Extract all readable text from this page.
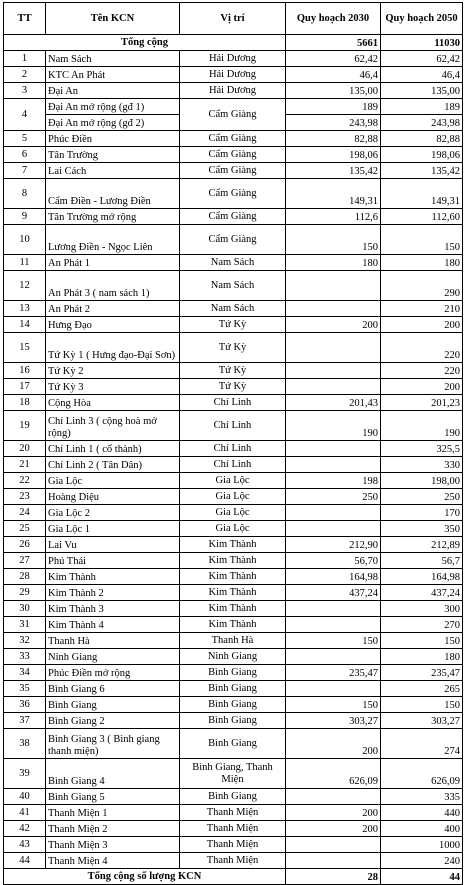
TT	Tên KCN	Vị trí	Quy hoạch 2030	Quy hoạch 2050
Tổng cộng			5661	11030
1	Nam Sách	Hải Dương	62,42	62,42
2	KTC An Phát	Hải Dương	46,4	46,4
3	Đại An	Hải Dương	135,00	135,00
4	Đại An mở rộng (gđ 1)	Cẩm Giàng	189	189
	Đại An mở rộng (gđ 2)		243,98	243,98
5	Phúc Điền	Cẩm Giàng	82,88	82,88
6	Tân Trường	Cẩm Giàng	198,06	198,06
7	Lai Cách	Cẩm Giàng	135,42	135,42
8	Cẩm Điền - Lương Điền	Cẩm Giàng	149,31	149,31
9	Tân Trường mở rộng	Cẩm Giàng	112,6	112,60
10	Lương Điền - Ngọc Liên	Cẩm Giàng	150	150
11	An Phát 1	Nam Sách	180	180
12	An Phát 3 ( nam sách 1)	Nam Sách		290
13	An Phát 2	Nam Sách		210
14	Hưng Đạo	Tứ Kỳ	200	200
15	Tứ Kỳ 1 ( Hưng đạo-Đại Sơn)	Tứ Kỳ		220
16	Tứ Kỳ 2	Tứ Kỳ		220
17	Tứ Kỳ 3	Tứ Kỳ		200
18	Cộng Hòa	Chí Linh	201,43	201,23
19	Chí Linh 3 ( cộng hoà mở rộng)	Chí Linh	190	190
20	Chí Linh 1 ( cổ thành)	Chí Linh		325,5
21	Chí Linh 2 ( Tân Dân)	Chí Linh		330
22	Gia Lộc	Gia Lộc	198	198,00
23	Hoàng Diệu	Gia Lộc	250	250
24	Gia Lộc 2	Gia Lộc		170
25	Gia Lộc 1	Gia Lộc		350
26	Lai Vu	Kim Thành	212,90	212,89
27	Phú Thái	Kim Thành	56,70	56,7
28	Kim Thành	Kim Thành	164,98	164,98
29	Kim Thành 2	Kim Thành	437,24	437,24
30	Kim Thành 3	Kim Thành		300
31	Kim Thành 4	Kim Thành		270
32	Thanh Hà	Thanh Hà	150	150
33	Ninh Giang	Ninh Giang		180
34	Phúc Điền mở rộng	Bình Giang	235,47	235,47
35	Bình Giang 6	Bình Giang		265
36	Bình Giang	Bình Giang	150	150
37	Bình Giang 2	Bình Giang	303,27	303,27
38	Bình Giang 3 ( Bình giang thanh miện)	Bình Giang	200	274
39	Bình Giang 4	Bình Giang, Thanh Miện	626,09	626,09
40	Bình Giang 5	Bình Giang		335
41	Thanh Miện 1	Thanh Miện	200	440
42	Thanh Miện 2	Thanh Miện	200	400
43	Thanh Miện 3	Thanh Miện		1000
44	Thanh Miện 4	Thanh Miện		240
Tổng cộng số lượng KCN			28	44
